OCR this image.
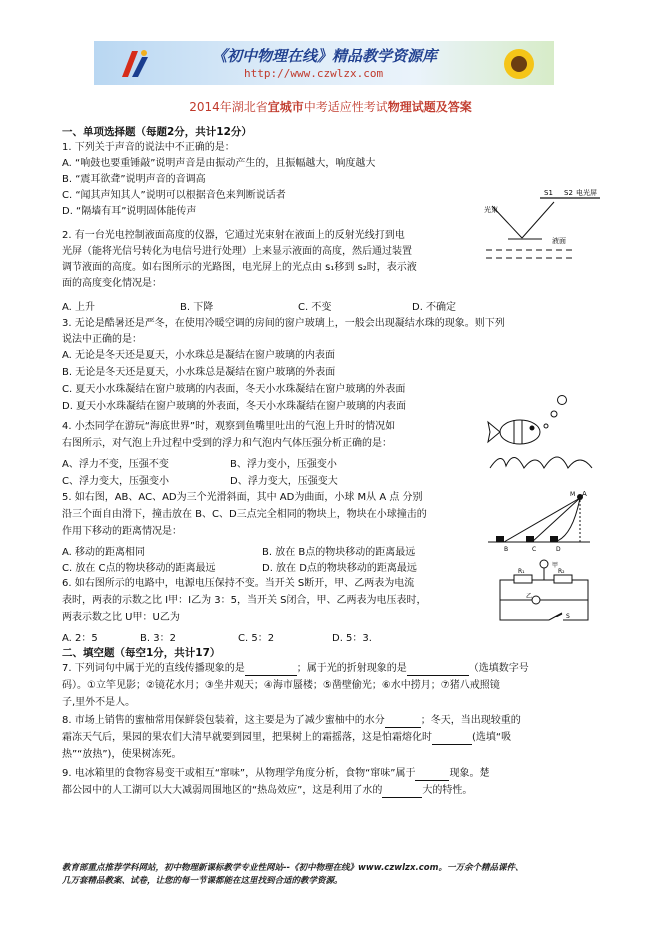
《初中物理在线》精品教学资源库
http://www.czwlzx.com
2014年湖北省宜城市中考适应性考试物理试题及答案
一、单项选择题（每题2分，共计12分）
1. 下列关于声音的说法中不正确的是：
A. “响鼓也要重锤敲”说明声音是由振动产生的，且振幅越大，响度越大
B. “震耳欲聋”说明声音的音调高
C. “闻其声知其人”说明可以根据音色来判断说话者
D. “隔墙有耳”说明固体能传声
S1 S2 电光屏
光束
液面
2. 有一台光电控制液面高度的仪器，它通过光束射在液面上的反射光线打到电
光屏（能将光信号转化为电信号进行处理）上来显示液面的高度，然后通过装置
调节液面的高度。如右图所示的光路图，电光屏上的光点由 s₁移到 s₂时，表示液
面的高度变化情况是：
A. 上升	B. 下降	C. 不变	D. 不确定
3. 无论是酷暑还是严冬，在使用冷暖空调的房间的窗户玻璃上，一般会出现凝结水珠的现象。则下列
说法中正确的是：
A. 无论是冬天还是夏天，小水珠总是凝结在窗户玻璃的内表面
B. 无论是冬天还是夏天，小水珠总是凝结在窗户玻璃的外表面
C. 夏天小水珠凝结在窗户玻璃的内表面，冬天小水珠凝结在窗户玻璃的外表面
D. 夏天小水珠凝结在窗户玻璃的外表面，冬天小水珠凝结在窗户玻璃的内表面
4. 小杰同学在游玩“海底世界”时，观察到鱼嘴里吐出的气泡上升时的情况如
右图所示，对气泡上升过程中受到的浮力和气泡内气体压强分析正确的是：
A、浮力不变，压强不变	B、浮力变小，压强变小
C、浮力变大，压强变小	D、浮力变大，压强变大
A
M
B	C	D
5. 如右图，AB、AC、AD为三个光滑斜面，其中 AD为曲面，小球 M从 A 点 分别
沿三个面自由滑下，撞击放在 B、C、D三点完全相同的物块上，物块在小球撞击的
作用下移动的距离情况是：
A. 移动的距离相同	B. 放在 B点的物块移动的距离最远
C. 放在 C点的物块移动的距离最远	D. 放在 D点的物块移动的距离最远	甲
乙
R₁	R₂
S
6. 如右图所示的电路中，电源电压保持不变。当开关 S断开，甲、乙两表为电流
表时，两表的示数之比 I甲：I乙为 3：5，当开关 S闭合，甲、乙两表为电压表时，
两表示数之比 U甲：U乙为
A. 2：5	B. 3：2	C. 5：2	D. 5：3.
二、填空题（每空1分，共计17）
7. 下列词句中属于光的直线传播现象的是	；属于光的折射现象的是	（选填数字号
码）。①立竿见影；②镜花水月；③坐井观天；④海市蜃楼；⑤凿壁偷光；⑥水中捞月；⑦猪八戒照镜
子,里外不是人。
8. 市场上销售的蜜柚常用保鲜袋包装着，这主要是为了减少蜜柚中的水分	；冬天，当出现较重的
霜冻天气后，果园的果农们大清早就要到园里，把果树上的霜摇落，这是怕霜熔化时	(选填“吸
热”“放热”)，使果树冻死。
9. 电冰箱里的食物容易变干或相互“窜味”，从物理学角度分析，食物“窜味”属于	现象。楚
都公园中的人工湖可以大大减弱周围地区的“热岛效应”，这是利用了水的	大的特性。
教育部重点推荐学科网站，初中物理新课标教学专业性网站--《初中物理在线》www.czwlzx.com。一万余个精品课件、
几万套精品教案、试卷，让您的每一节课都能在这里找到合适的教学资源。
